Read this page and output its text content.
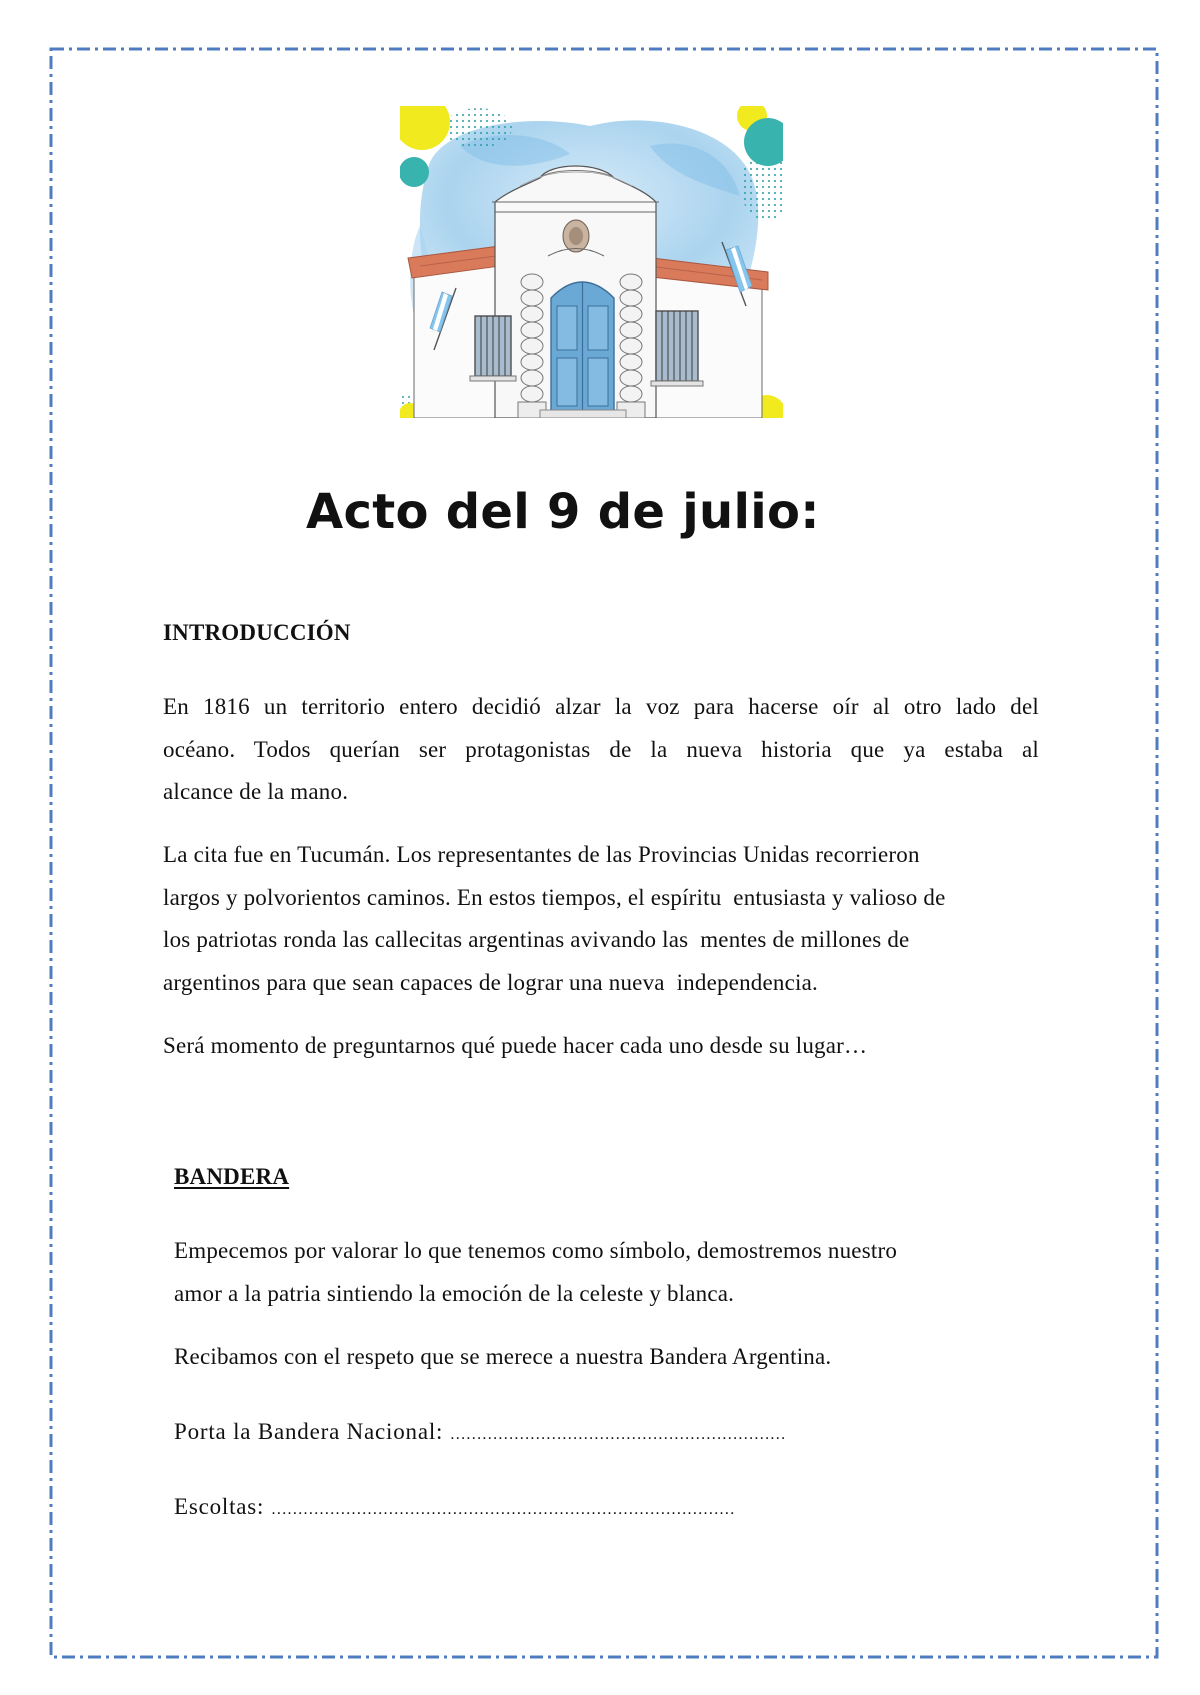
Acto del 9 de julio:
INTRODUCCIÓN
En 1816 un territorio entero decidió alzar la voz para hacerse oír al otro lado del
océano. Todos querían ser protagonistas de la nueva historia que ya estaba al
alcance de la mano.
La cita fue en Tucumán. Los representantes de las Provincias Unidas recorrieron
largos y polvorientos caminos. En estos tiempos, el espíritu  entusiasta y valioso de
los patriotas ronda las callecitas argentinas avivando las  mentes de millones de
argentinos para que sean capaces de lograr una nueva  independencia.
Será momento de preguntarnos qué puede hacer cada uno desde su lugar…
BANDERA
Empecemos por valorar lo que tenemos como símbolo, demostremos nuestro
amor a la patria sintiendo la emoción de la celeste y blanca.
Recibamos con el respeto que se merece a nuestra Bandera Argentina.
Porta la Bandera Nacional: ………………………………………………………
Escoltas: ……………………………………………………………………………
